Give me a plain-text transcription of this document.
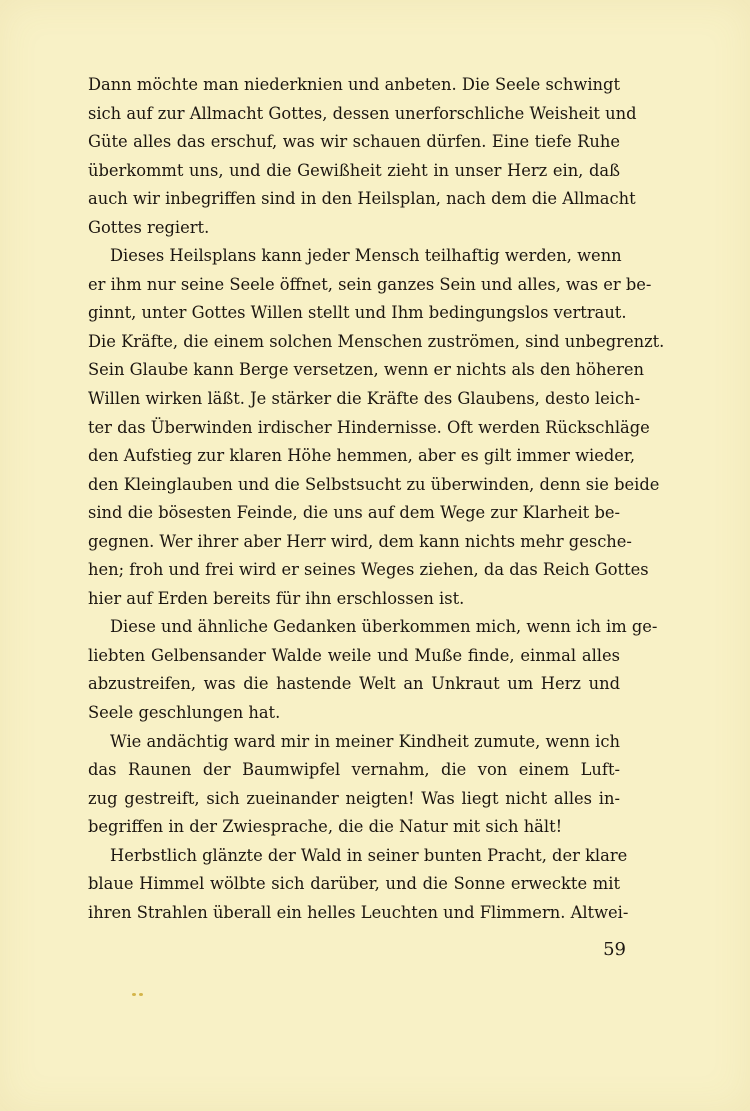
Dann möchte man niederknien und anbeten. Die Seele schwingt
sich auf zur Allmacht Gottes, dessen unerforschliche Weisheit und
Güte alles das erschuf, was wir schauen dürfen. Eine tiefe Ruhe
überkommt uns, und die Gewißheit zieht in unser Herz ein, daß
auch wir inbegriffen sind in den Heilsplan, nach dem die Allmacht
Gottes regiert.
Dieses Heilsplans kann jeder Mensch teilhaftig werden, wenn
er ihm nur seine Seele öffnet, sein ganzes Sein und alles, was er be-
ginnt, unter Gottes Willen stellt und Ihm bedingungslos vertraut.
Die Kräfte, die einem solchen Menschen zuströmen, sind unbegrenzt.
Sein Glaube kann Berge versetzen, wenn er nichts als den höheren
Willen wirken läßt. Je stärker die Kräfte des Glaubens, desto leich-
ter das Überwinden irdischer Hindernisse. Oft werden Rückschläge
den Aufstieg zur klaren Höhe hemmen, aber es gilt immer wieder,
den Kleinglauben und die Selbstsucht zu überwinden, denn sie beide
sind die bösesten Feinde, die uns auf dem Wege zur Klarheit be-
gegnen. Wer ihrer aber Herr wird, dem kann nichts mehr gesche-
hen; froh und frei wird er seines Weges ziehen, da das Reich Gottes
hier auf Erden bereits für ihn erschlossen ist.
Diese und ähnliche Gedanken überkommen mich, wenn ich im ge-
liebten Gelbensander Walde weile und Muße finde, einmal alles
abzustreifen, was die hastende Welt an Unkraut um Herz und
Seele geschlungen hat.
Wie andächtig ward mir in meiner Kindheit zumute, wenn ich
das Raunen der Baumwipfel vernahm, die von einem Luft-
zug gestreift, sich zueinander neigten! Was liegt nicht alles in-
begriffen in der Zwiesprache, die die Natur mit sich hält!
Herbstlich glänzte der Wald in seiner bunten Pracht, der klare
blaue Himmel wölbte sich darüber, und die Sonne erweckte mit
ihren Strahlen überall ein helles Leuchten und Flimmern. Altwei-
59
